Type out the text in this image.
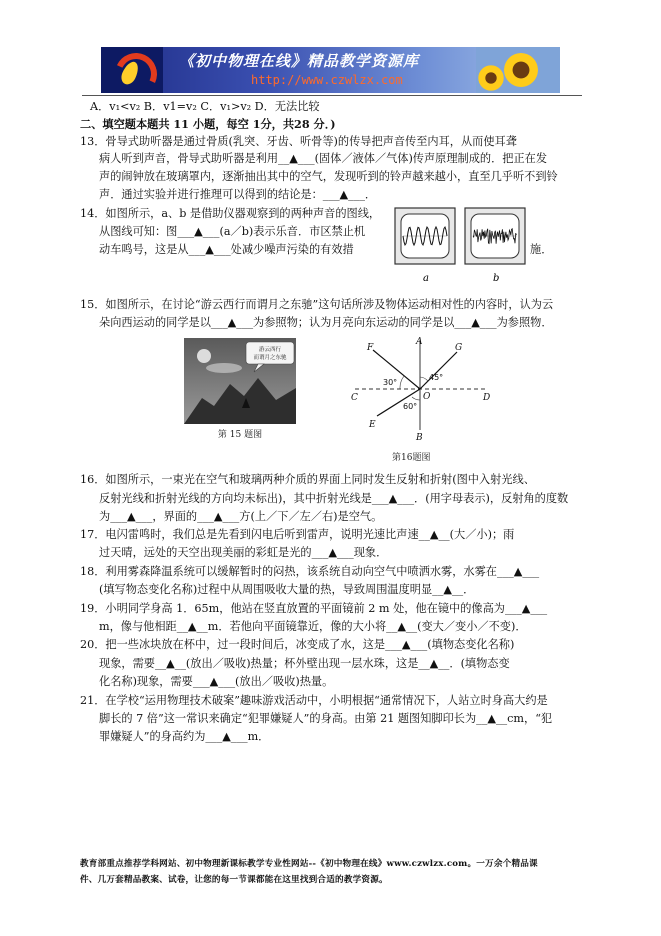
《初中物理在线》精品教学资源库
http://www.czwlzx.com
A．v₁<v₂ B．v1=v₂ C．v₁>v₂ D．无法比较
二、填空题本题共 11 小题，每空 1分，共28 分．)
13．骨导式助听器是通过骨质(乳突、牙齿、听骨等)的传导把声音传至内耳，从而使耳聋
病人听到声音，骨导式助听器是利用__▲___(固体／液体／气体)传声原理制成的．把正在发
声的闹钟放在玻璃罩内，逐渐抽出其中的空气，发现听到的铃声越来越小，直至几乎听不到铃
声．通过实验并进行推理可以得到的结论是：___▲___．
14．如图所示，a、b 是借助仪器观察到的两种声音的图线，
从图线可知：图___▲___(a／b)表示乐音．市区禁止机
动车鸣号，这是从___▲___处减少噪声污染的有效措	施．
15．如图所示，在讨论“游云西行而谓月之东驰”这句话所涉及物体运动相对性的内容时，认为云
朵向西运动的同学是以___▲___为参照物；认为月亮向东运动的同学是以___▲___为参照物．
16．如图所示，一束光在空气和玻璃两种介质的界面上同时发生反射和折射(图中入射光线、
反射光线和折射光线的方向均未标出)，其中折射光线是___▲___．(用字母表示)，反射角的度数
为___▲___，界面的___▲___方(上／下／左／右)是空气。
17．电闪雷鸣时，我们总是先看到闪电后听到雷声，说明光速比声速__▲__(大／小)；雨
过天晴，远处的天空出现美丽的彩虹是光的___▲___现象．
18．利用雾森降温系统可以缓解暂时的闷热，该系统自动向空气中喷洒水雾，水雾在___▲___
(填写物态变化名称)过程中从周围吸收大量的热，导致周围温度明显__▲__．
19．小明同学身高 1．65m，他站在竖直放置的平面镜前 2 m 处，他在镜中的像高为___▲___
m，像与他相距__▲__m．若他向平面镜靠近，像的大小将__▲__(变大／变小／不变)．
20．把一些冰块放在杯中，过一段时间后，冰变成了水，这是___▲___(填物态变化名称)
现象，需要__▲__(放出／吸收)热量；杯外壁出现一层水珠，这是__▲__．(填物态变
化名称)现象，需要___▲___(放出／吸收)热量。
21．在学校“运用物理技术破案”趣味游戏活动中，小明根据“通常情况下，人站立时身高大约是
脚长的 7 倍”这一常识来确定“犯罪嫌疑人”的身高。由第 21 题图知脚印长为__▲__cm，“犯
罪嫌疑人”的身高约为___▲___m．
a	b
游云西行
而谓月之东驰
第 15 题图
A
B
C	D
E
F	G
O
30°
45°
60°
第16题图
教育部重点推荐学科网站、初中物理新课标教学专业性网站--《初中物理在线》www.czwlzx.com。一万余个精品课
件、几万套精品教案、试卷，让您的每一节课都能在这里找到合适的教学资源。
